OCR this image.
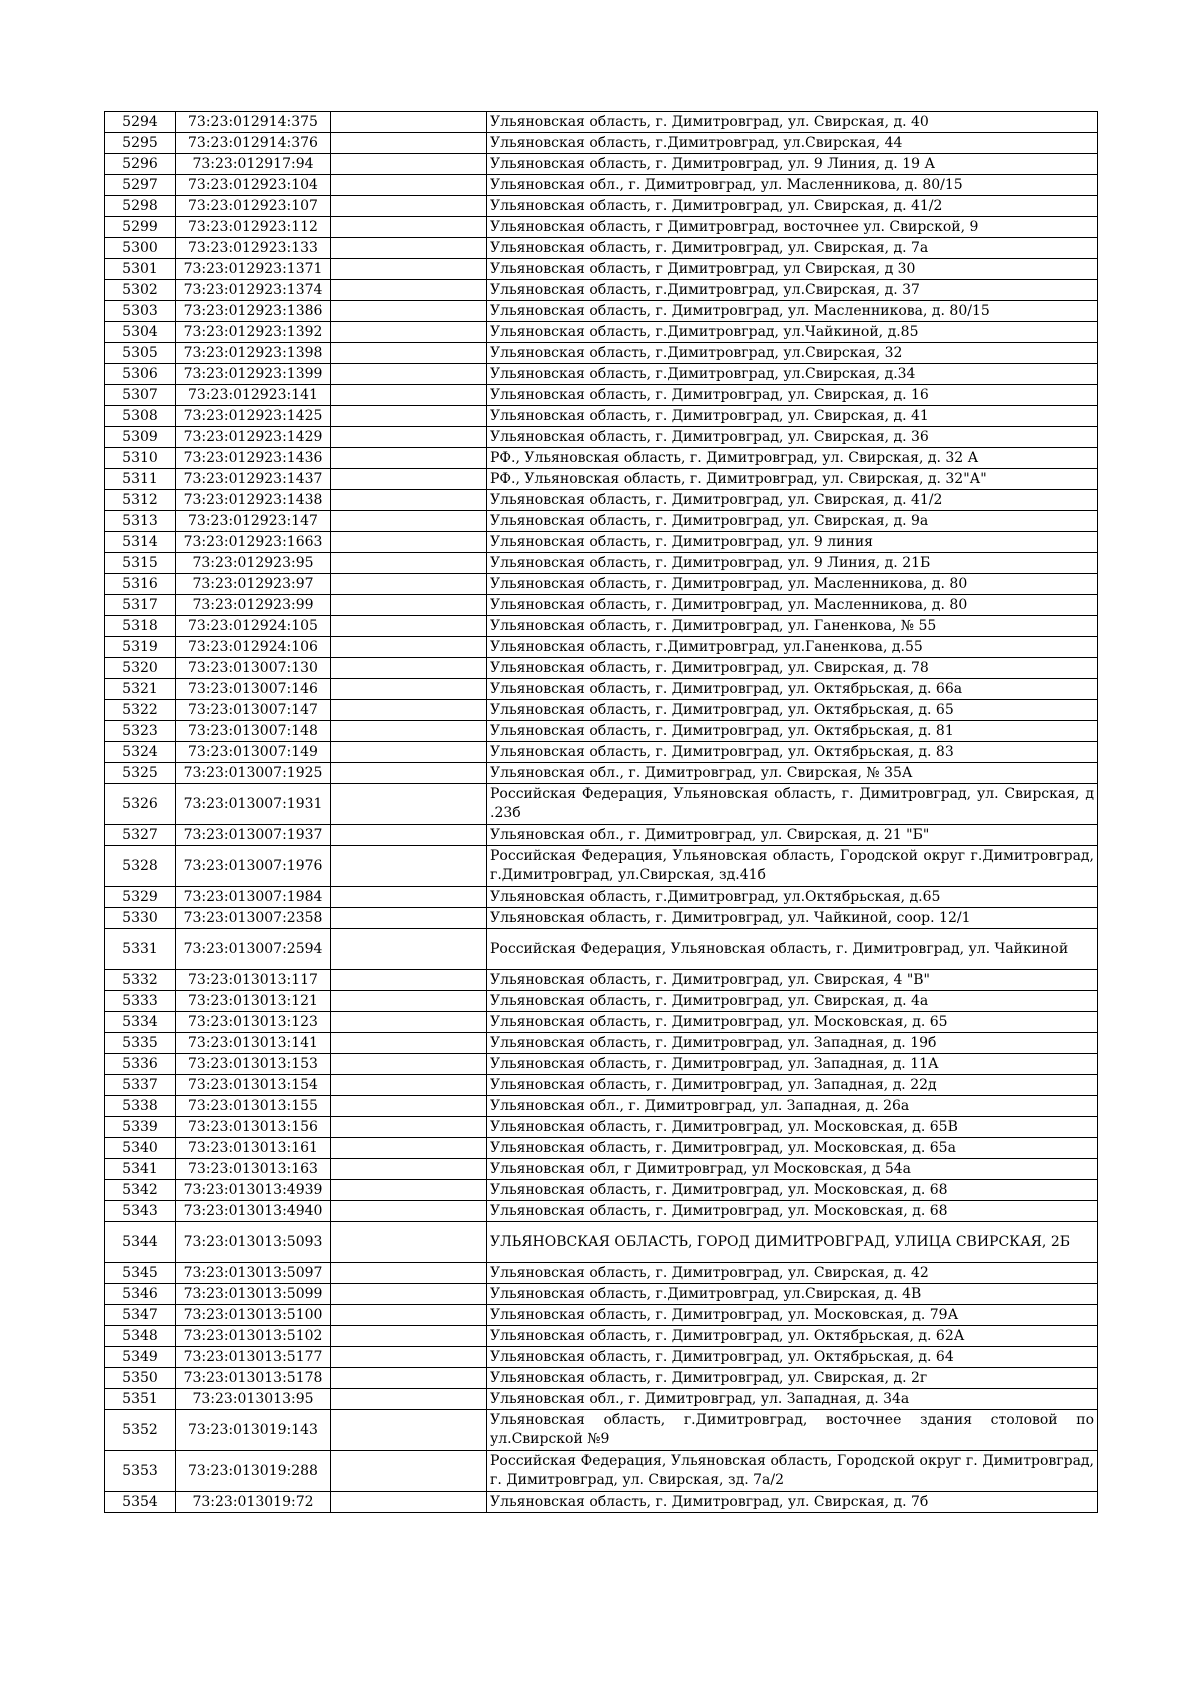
5294	73:23:012914:375		Ульяновская область, г. Димитровград, ул. Свирская, д. 40
5295	73:23:012914:376		Ульяновская область, г.Димитровград, ул.Свирская, 44
5296	73:23:012917:94		Ульяновская область, г. Димитровград, ул. 9 Линия, д. 19 А
5297	73:23:012923:104		Ульяновская обл., г. Димитровград, ул. Масленникова, д. 80/15
5298	73:23:012923:107		Ульяновская область, г. Димитровград, ул. Свирская, д. 41/2
5299	73:23:012923:112		Ульяновская область, г Димитровград, восточнее ул. Свирской, 9
5300	73:23:012923:133		Ульяновская область, г. Димитровград, ул. Свирская, д. 7а
5301	73:23:012923:1371		Ульяновская область, г Димитровград, ул Свирская, д 30
5302	73:23:012923:1374		Ульяновская область, г.Димитровград, ул.Свирская, д. 37
5303	73:23:012923:1386		Ульяновская область, г. Димитровград, ул. Масленникова, д. 80/15
5304	73:23:012923:1392		Ульяновская область, г.Димитровград, ул.Чайкиной, д.85
5305	73:23:012923:1398		Ульяновская область, г.Димитровград, ул.Свирская, 32
5306	73:23:012923:1399		Ульяновская область, г.Димитровград, ул.Свирская, д.34
5307	73:23:012923:141		Ульяновская область, г. Димитровград, ул. Свирская, д. 16
5308	73:23:012923:1425		Ульяновская область, г. Димитровград, ул. Свирская, д. 41
5309	73:23:012923:1429		Ульяновская область, г. Димитровград, ул. Свирская, д. 36
5310	73:23:012923:1436		РФ., Ульяновская область, г. Димитровград, ул. Свирская, д. 32 А
5311	73:23:012923:1437		РФ., Ульяновская область, г. Димитровград, ул. Свирская, д. 32"А"
5312	73:23:012923:1438		Ульяновская область, г. Димитровград, ул. Свирская, д. 41/2
5313	73:23:012923:147		Ульяновская область, г. Димитровград, ул. Свирская, д. 9а
5314	73:23:012923:1663		Ульяновская область, г. Димитровград, ул. 9 линия
5315	73:23:012923:95		Ульяновская область, г. Димитровград, ул. 9 Линия, д. 21Б
5316	73:23:012923:97		Ульяновская область, г. Димитровград, ул. Масленникова, д. 80
5317	73:23:012923:99		Ульяновская область, г. Димитровград, ул. Масленникова, д. 80
5318	73:23:012924:105		Ульяновская область, г. Димитровград, ул. Ганенкова, № 55
5319	73:23:012924:106		Ульяновская область, г.Димитровград, ул.Ганенкова, д.55
5320	73:23:013007:130		Ульяновская область, г. Димитровград, ул. Свирская, д. 78
5321	73:23:013007:146		Ульяновская область, г. Димитровград, ул. Октябрьская, д. 66а
5322	73:23:013007:147		Ульяновская область, г. Димитровград, ул. Октябрьская, д. 65
5323	73:23:013007:148		Ульяновская область, г. Димитровград, ул. Октябрьская, д. 81
5324	73:23:013007:149		Ульяновская область, г. Димитровград, ул. Октябрьская, д. 83
5325	73:23:013007:1925		Ульяновская обл., г. Димитровград, ул. Свирская, № 35А
5326	73:23:013007:1931		Российская Федерация, Ульяновская область, г. Димитровград, ул. Свирская, д .23б
5327	73:23:013007:1937		Ульяновская обл., г. Димитровград, ул. Свирская, д. 21 "Б"
5328	73:23:013007:1976		Российская Федерация, Ульяновская область, Городской округ г.Димитровград, г.Димитровград, ул.Свирская, зд.41б
5329	73:23:013007:1984		Ульяновская область, г.Димитровград, ул.Октябрьская, д.65
5330	73:23:013007:2358		Ульяновская область, г. Димитровград, ул. Чайкиной, соор. 12/1
5331	73:23:013007:2594		Российская Федерация, Ульяновская область, г. Димитровград, ул. Чайкиной
5332	73:23:013013:117		Ульяновская область, г. Димитровград, ул. Свирская, 4 "В"
5333	73:23:013013:121		Ульяновская область, г. Димитровград, ул. Свирская, д. 4а
5334	73:23:013013:123		Ульяновская область, г. Димитровград, ул. Московская, д. 65
5335	73:23:013013:141		Ульяновская область, г. Димитровград, ул. Западная, д. 19б
5336	73:23:013013:153		Ульяновская область, г. Димитровград, ул. Западная, д. 11А
5337	73:23:013013:154		Ульяновская область, г. Димитровград, ул. Западная, д. 22д
5338	73:23:013013:155		Ульяновская обл., г. Димитровград, ул. Западная, д. 26а
5339	73:23:013013:156		Ульяновская область, г. Димитровград, ул. Московская, д. 65В
5340	73:23:013013:161		Ульяновская область, г. Димитровград, ул. Московская, д. 65а
5341	73:23:013013:163		Ульяновская обл, г Димитровград, ул Московская, д 54а
5342	73:23:013013:4939		Ульяновская область, г. Димитровград, ул. Московская, д. 68
5343	73:23:013013:4940		Ульяновская область, г. Димитровград, ул. Московская, д. 68
5344	73:23:013013:5093		УЛЬЯНОВСКАЯ ОБЛАСТЬ, ГОРОД ДИМИТРОВГРАД, УЛИЦА СВИРСКАЯ, 2Б
5345	73:23:013013:5097		Ульяновская область, г. Димитровград, ул. Свирская, д. 42
5346	73:23:013013:5099		Ульяновская область, г.Димитровград, ул.Свирская, д. 4В
5347	73:23:013013:5100		Ульяновская область, г. Димитровград, ул. Московская, д. 79А
5348	73:23:013013:5102		Ульяновская область, г. Димитровград, ул. Октябрьская, д. 62А
5349	73:23:013013:5177		Ульяновская область, г. Димитровград, ул. Октябрьская, д. 64
5350	73:23:013013:5178		Ульяновская область, г. Димитровград, ул. Свирская, д. 2г
5351	73:23:013013:95		Ульяновская обл., г. Димитровград, ул. Западная, д. 34а
5352	73:23:013019:143		Ульяновская область, г.Димитровград, восточнее здания столовой по ул.Свирской №9
5353	73:23:013019:288		Российская Федерация, Ульяновская область, Городской округ г. Димитровград, г. Димитровград, ул. Свирская, зд. 7а/2
5354	73:23:013019:72		Ульяновская область, г. Димитровград, ул. Свирская, д. 7б
